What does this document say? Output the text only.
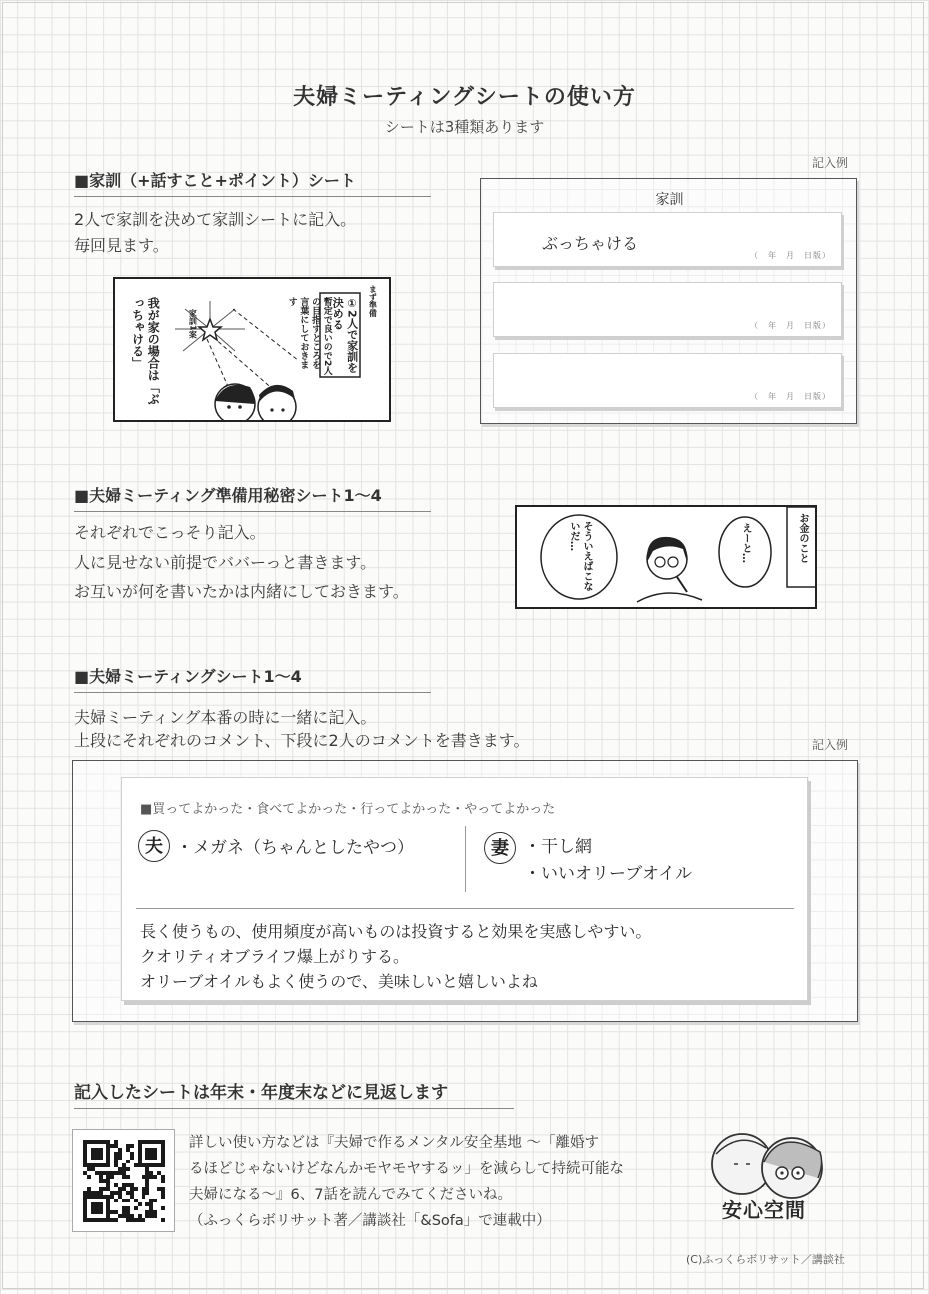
夫婦ミーティングシートの使い方
シートは3種類あります
■家訓（+話すこと+ポイント）シート
2人で家訓を決めて家訓シートに記入。
毎回見ます。
我が家の場合は「ぶっちゃける」	家訓1案	暫定で良いので2人の目指すところを言葉にしておきます	①2人で家訓を決める	まず準備
記入例
家訓
ぶっちゃける
（　年　月　日版）
（　年　月　日版）
（　年　月　日版）
■夫婦ミーティング準備用秘密シート1〜4
それぞれでこっそり記入。
人に見せない前提でババーっと書きます。
お互いが何を書いたかは内緒にしておきます。
そういえばこないだ…	えーと…	お金のこと
■夫婦ミーティングシート1〜4
夫婦ミーティング本番の時に一緒に記入。
上段にそれぞれのコメント、下段に2人のコメントを書きます。	記入例
■買ってよかった・食べてよかった・行ってよかった・やってよかった
夫 ・メガネ（ちゃんとしたやつ）	妻 ・干し網
・いいオリーブオイル
長く使うもの、使用頻度が高いものは投資すると効果を実感しやすい。
クオリティオブライフ爆上がりする。
オリーブオイルもよく使うので、美味しいと嬉しいよね
記入したシートは年末・年度末などに見返します
詳しい使い方などは『夫婦で作るメンタル安全基地 〜「離婚す
るほどじゃないけどなんかモヤモヤするッ」を減らして持続可能な
夫婦になる〜』6、7話を読んでみてくださいね。
（ふっくらボリサット著／講談社「&Sofa」で連載中）	安心空間
(C)ふっくらボリサット／講談社
